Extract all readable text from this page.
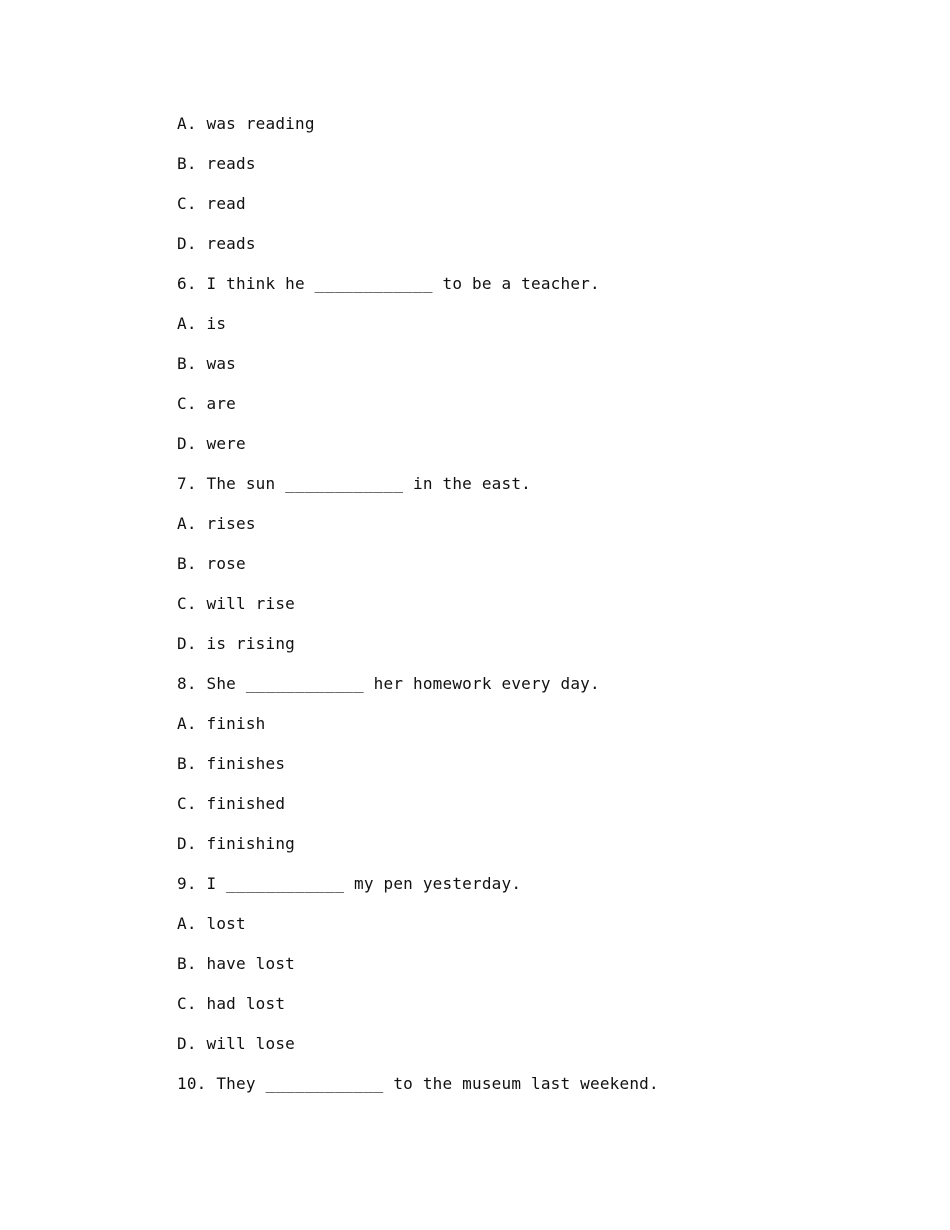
A. was reading
B. reads
C. read
D. reads
6. I think he ____________ to be a teacher.
A. is
B. was
C. are
D. were
7. The sun ____________ in the east.
A. rises
B. rose
C. will rise
D. is rising
8. She ____________ her homework every day.
A. finish
B. finishes
C. finished
D. finishing
9. I ____________ my pen yesterday.
A. lost
B. have lost
C. had lost
D. will lose
10. They ____________ to the museum last weekend.
